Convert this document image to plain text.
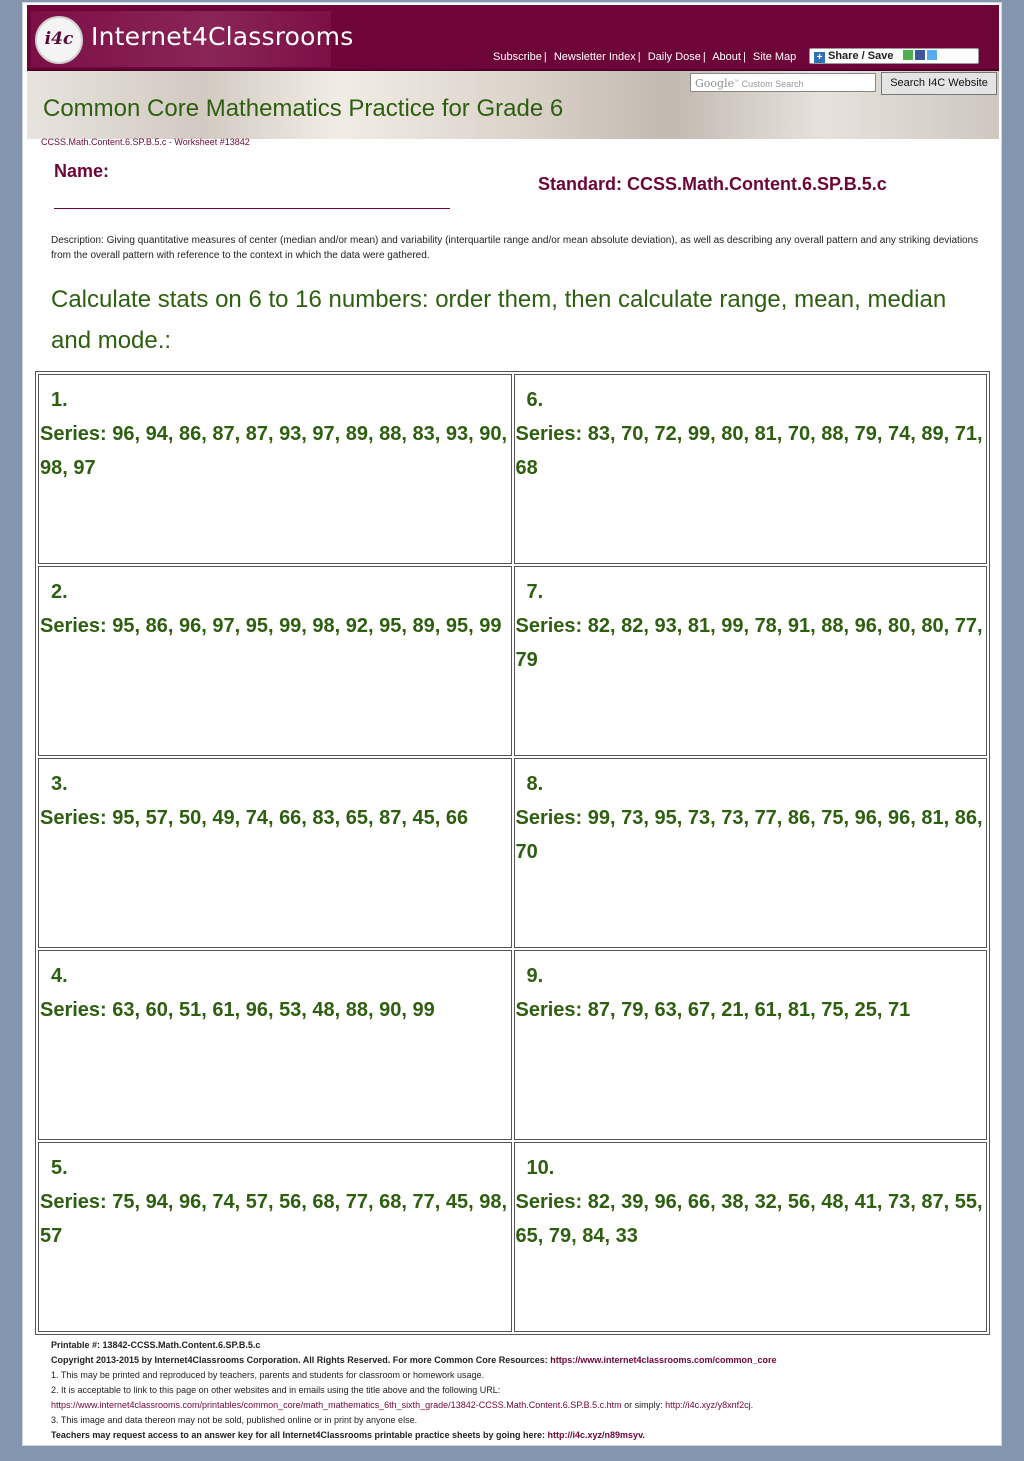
i4c Internet4Classrooms
Subscribe | Newsletter Index | Daily Dose | About | Site Map	+ Share / Save
Google™ Custom Search	Search I4C Website
Common Core Mathematics Practice for Grade 6
CCSS.Math.Content.6.SP.B.5.c - Worksheet #13842
Name:
Standard: CCSS.Math.Content.6.SP.B.5.c
Description: Giving quantitative measures of center (median and/or mean) and variability (interquartile range and/or mean absolute deviation), as well as describing any overall pattern and any striking deviations from the overall pattern with reference to the context in which the data were gathered.
Calculate stats on 6 to 16 numbers: order them, then calculate range, mean, median and mode.:
1.
Series: 96, 94, 86, 87, 87, 93, 97, 89, 88, 83, 93, 90, 98, 97
6.
Series: 83, 70, 72, 99, 80, 81, 70, 88, 79, 74, 89, 71, 68
2.
Series: 95, 86, 96, 97, 95, 99, 98, 92, 95, 89, 95, 99
7.
Series: 82, 82, 93, 81, 99, 78, 91, 88, 96, 80, 80, 77, 79
3.
Series: 95, 57, 50, 49, 74, 66, 83, 65, 87, 45, 66
8.
Series: 99, 73, 95, 73, 73, 77, 86, 75, 96, 96, 81, 86, 70
4.
Series: 63, 60, 51, 61, 96, 53, 48, 88, 90, 99
9.
Series: 87, 79, 63, 67, 21, 61, 81, 75, 25, 71
5.
Series: 75, 94, 96, 74, 57, 56, 68, 77, 68, 77, 45, 98, 57
10.
Series: 82, 39, 96, 66, 38, 32, 56, 48, 41, 73, 87, 55, 65, 79, 84, 33
Printable #: 13842-CCSS.Math.Content.6.SP.B.5.c
Copyright 2013-2015 by Internet4Classrooms Corporation. All Rights Reserved. For more Common Core Resources: https://www.internet4classrooms.com/common_core
1. This may be printed and reproduced by teachers, parents and students for classroom or homework usage.
2. It is acceptable to link to this page on other websites and in emails using the title above and the following URL:
https://www.internet4classrooms.com/printables/common_core/math_mathematics_6th_sixth_grade/13842-CCSS.Math.Content.6.SP.B.5.c.htm or simply: http://i4c.xyz/y8xnf2cj.
3. This image and data thereon may not be sold, published online or in print by anyone else.
Teachers may request access to an answer key for all Internet4Classrooms printable practice sheets by going here: http://i4c.xyz/n89msyv.
